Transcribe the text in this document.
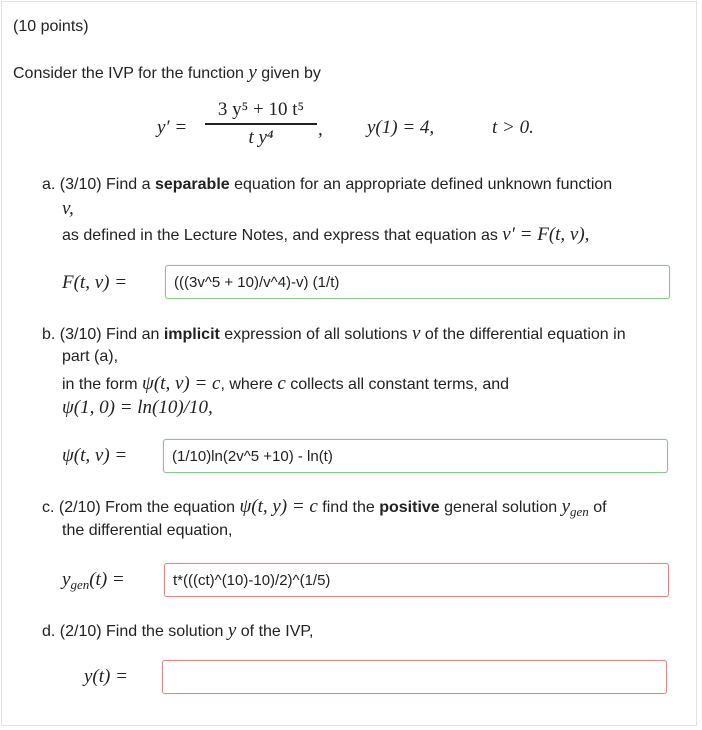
(10 points)
Consider the IVP for the function y given by
y′ =
3 y⁵ + 10 t⁵
t y⁴	, y(1) = 4,	t > 0.
a. (3/10) Find a separable equation for an appropriate defined unknown function
v,
as defined in the Lecture Notes, and express that equation as v′ = F(t, v),
F(t, v) =
(((3v^5 + 10)/v^4)-v) (1/t)
b. (3/10) Find an implicit expression of all solutions v of the differential equation in
part (a),
in the form ψ(t, v) = c, where c collects all constant terms, and
ψ(1, 0) = ln(10)/10,
ψ(t, v) =
(1/10)ln(2v^5 +10) - ln(t)
c. (2/10) From the equation ψ(t, y) = c find the positive general solution $y_{gen}$ of
the differential equation,
$y_{gen}(t)$ =
t*(((ct)^(10)-10)/2)^(1/5)
d. (2/10) Find the solution y of the IVP,
y(t) =
